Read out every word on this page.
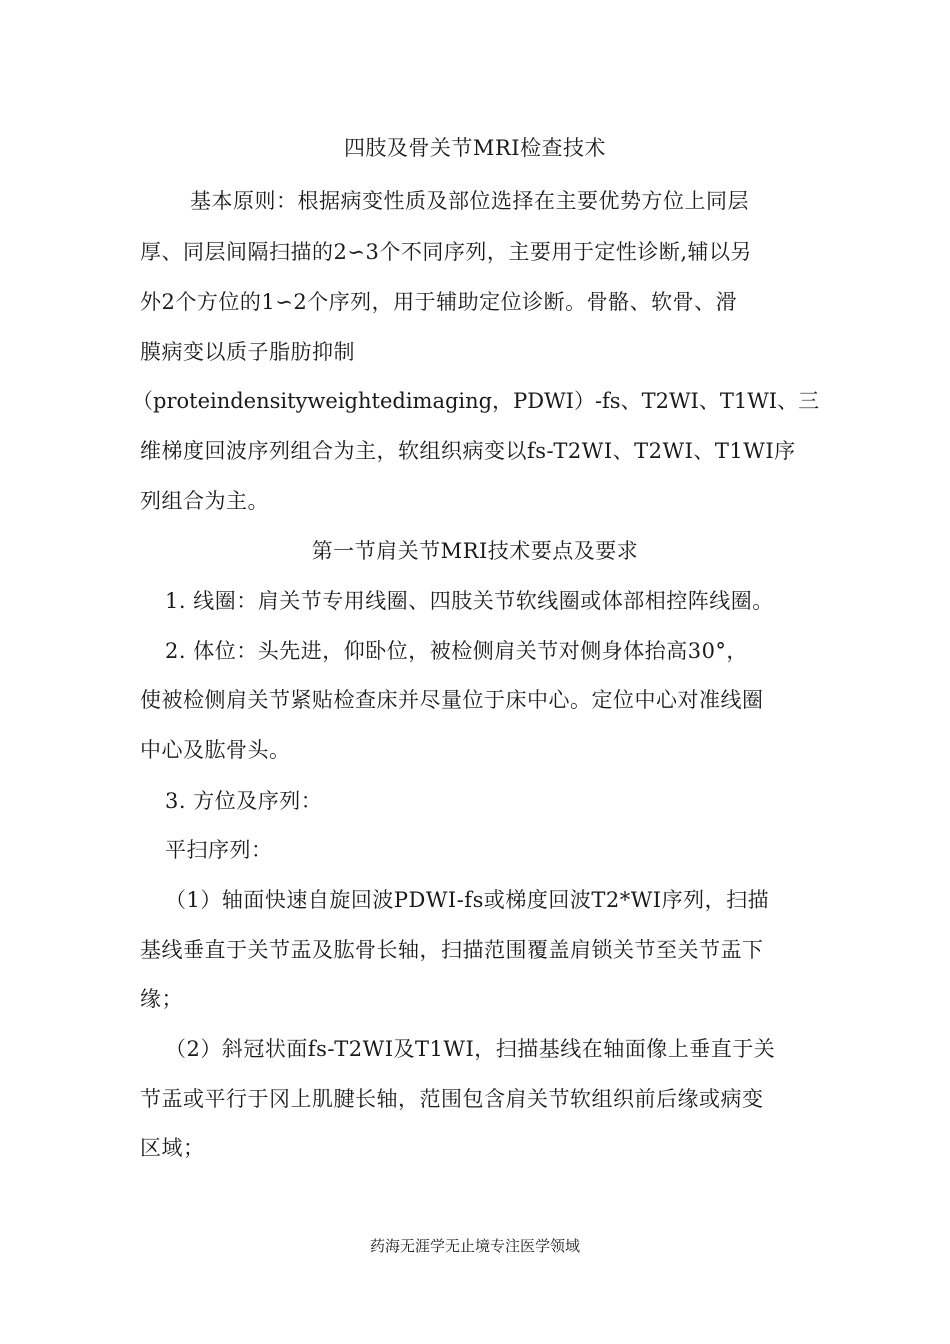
四肢及骨关节MRI检查技术
基本原则：根据病变性质及部位选择在主要优势方位上同层
厚、同层间隔扫描的2∽3个不同序列，主要用于定性诊断,辅以另
外2个方位的1∽2个序列，用于辅助定位诊断。骨骼、软骨、滑
膜病变以质子脂肪抑制
（proteindensityweightedimaging，PDWI）-fs、T2WI、T1WI、三
维梯度回波序列组合为主，软组织病变以fs-T2WI、T2WI、T1WI序
列组合为主。
第一节肩关节MRI技术要点及要求
1. 线圈：肩关节专用线圈、四肢关节软线圈或体部相控阵线圈。
2. 体位：头先进，仰卧位，被检侧肩关节对侧身体抬高30°，
使被检侧肩关节紧贴检查床并尽量位于床中心。定位中心对准线圈
中心及肱骨头。
3. 方位及序列：
平扫序列：
（1）轴面快速自旋回波PDWI-fs或梯度回波T2*WI序列，扫描
基线垂直于关节盂及肱骨长轴，扫描范围覆盖肩锁关节至关节盂下
缘；
（2）斜冠状面fs-T2WI及T1WI，扫描基线在轴面像上垂直于关
节盂或平行于冈上肌腱长轴，范围包含肩关节软组织前后缘或病变
区域；
药海无涯学无止境专注医学领域
